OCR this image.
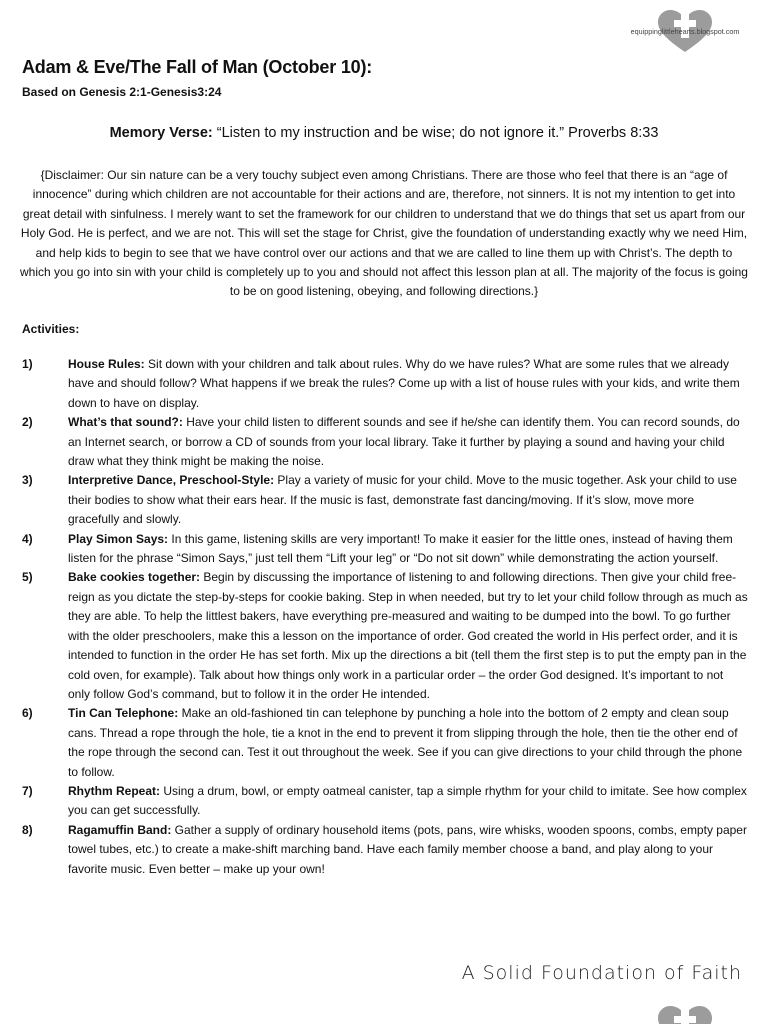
equippinglittlehearts.blogspot.com
Adam & Eve/The Fall of Man (October 10):
Based on Genesis 2:1-Genesis3:24
Memory Verse: “Listen to my instruction and be wise; do not ignore it.” Proverbs 8:33
{Disclaimer: Our sin nature can be a very touchy subject even among Christians. There are those who feel that there is an “age of innocence” during which children are not accountable for their actions and are, therefore, not sinners. It is not my intention to get into great detail with sinfulness. I merely want to set the framework for our children to understand that we do things that set us apart from our Holy God. He is perfect, and we are not. This will set the stage for Christ, give the foundation of understanding exactly why we need Him, and help kids to begin to see that we have control over our actions and that we are called to line them up with Christ’s. The depth to which you go into sin with your child is completely up to you and should not affect this lesson plan at all. The majority of the focus is going to be on good listening, obeying, and following directions.}
Activities:
1)	House Rules: Sit down with your children and talk about rules. Why do we have rules? What are some rules that we already have and should follow? What happens if we break the rules? Come up with a list of house rules with your kids, and write them down to have on display.
2)	What’s that sound?: Have your child listen to different sounds and see if he/she can identify them. You can record sounds, do an Internet search, or borrow a CD of sounds from your local library. Take it further by playing a sound and having your child draw what they think might be making the noise.
3)	Interpretive Dance, Preschool-Style: Play a variety of music for your child. Move to the music together. Ask your child to use their bodies to show what their ears hear. If the music is fast, demonstrate fast dancing/moving. If it’s slow, move more gracefully and slowly.
4)	Play Simon Says: In this game, listening skills are very important! To make it easier for the little ones, instead of having them listen for the phrase “Simon Says,” just tell them “Lift your leg” or “Do not sit down” while demonstrating the action yourself.
5)	Bake cookies together: Begin by discussing the importance of listening to and following directions. Then give your child free-reign as you dictate the step-by-steps for cookie baking. Step in when needed, but try to let your child follow through as much as they are able. To help the littlest bakers, have everything pre-measured and waiting to be dumped into the bowl. To go further with the older preschoolers, make this a lesson on the importance of order. God created the world in His perfect order, and it is intended to function in the order He has set forth. Mix up the directions a bit (tell them the first step is to put the empty pan in the cold oven, for example). Talk about how things only work in a particular order – the order God designed. It’s important to not only follow God’s command, but to follow it in the order He intended.
6)	Tin Can Telephone: Make an old-fashioned tin can telephone by punching a hole into the bottom of 2 empty and clean soup cans. Thread a rope through the hole, tie a knot in the end to prevent it from slipping through the hole, then tie the other end of the rope through the second can. Test it out throughout the week. See if you can give directions to your child through the phone to follow.
7)	Rhythm Repeat: Using a drum, bowl, or empty oatmeal canister, tap a simple rhythm for your child to imitate. See how complex you can get successfully.
8)	Ragamuffin Band: Gather a supply of ordinary household items (pots, pans, wire whisks, wooden spoons, combs, empty paper towel tubes, etc.) to create a make-shift marching band. Have each family member choose a band, and play along to your favorite music. Even better – make up your own!
A Solid Foundation of Faith
